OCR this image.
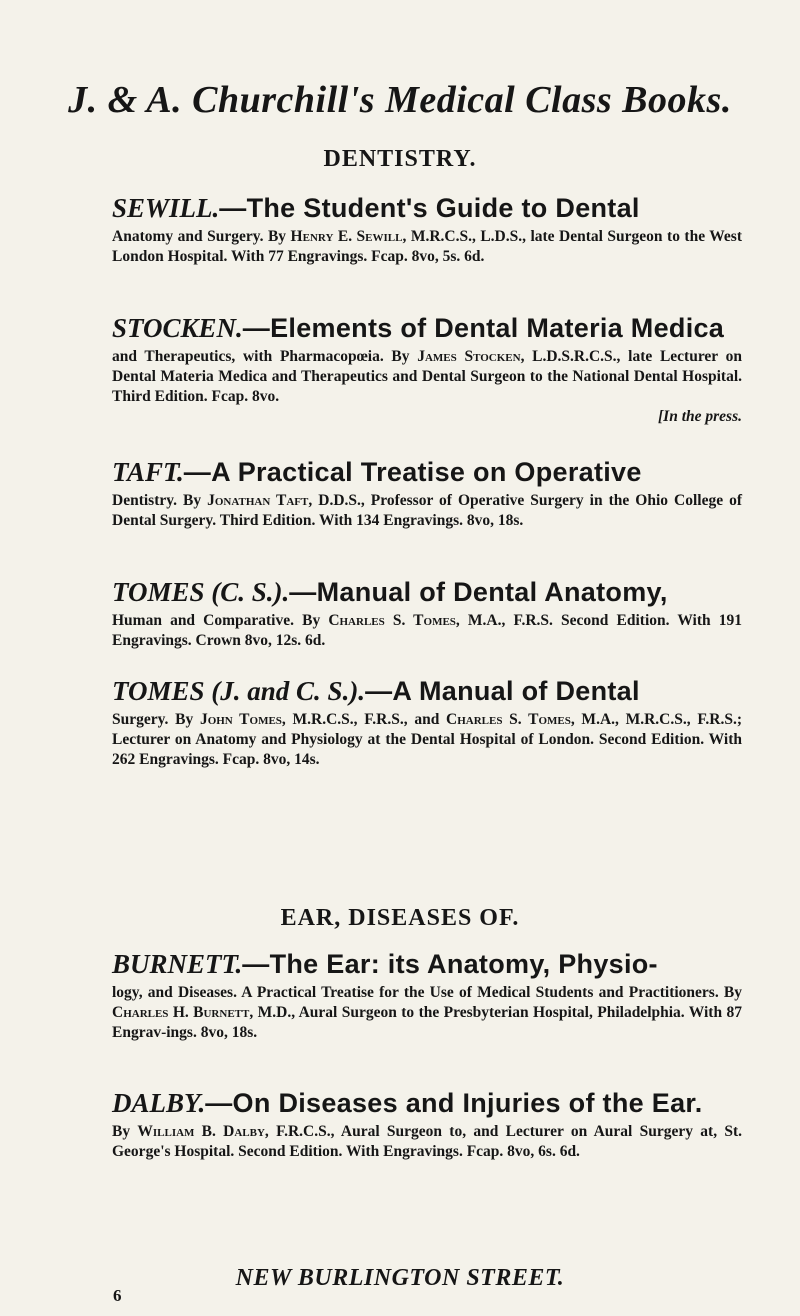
J. & A. Churchill's Medical Class Books.
DENTISTRY.
SEWILL.—The Student's Guide to Dental
Anatomy and Surgery. By Henry E. Sewill, M.R.C.S., L.D.S., late Dental Surgeon to the West London Hospital. With 77 Engravings. Fcap. 8vo, 5s. 6d.
STOCKEN.—Elements of Dental Materia Medica
and Therapeutics, with Pharmacopœia. By James Stocken, L.D.S.R.C.S., late Lecturer on Dental Materia Medica and Therapeutics and Dental Surgeon to the National Dental Hospital. Third Edition. Fcap. 8vo.
[In the press.
TAFT.—A Practical Treatise on Operative
Dentistry. By Jonathan Taft, D.D.S., Professor of Operative Surgery in the Ohio College of Dental Surgery. Third Edition. With 134 Engravings. 8vo, 18s.
TOMES (C. S.).—Manual of Dental Anatomy,
Human and Comparative. By Charles S. Tomes, M.A., F.R.S. Second Edition. With 191 Engravings. Crown 8vo, 12s. 6d.
TOMES (J. and C. S.).—A Manual of Dental
Surgery. By John Tomes, M.R.C.S., F.R.S., and Charles S. Tomes, M.A., M.R.C.S., F.R.S.; Lecturer on Anatomy and Physiology at the Dental Hospital of London. Second Edition. With 262 Engravings. Fcap. 8vo, 14s.
EAR, DISEASES OF.
BURNETT.—The Ear: its Anatomy, Physio-
logy, and Diseases. A Practical Treatise for the Use of Medical Students and Practitioners. By Charles H. Burnett, M.D., Aural Surgeon to the Presbyterian Hospital, Philadelphia. With 87 Engrav-ings. 8vo, 18s.
DALBY.—On Diseases and Injuries of the Ear.
By William B. Dalby, F.R.C.S., Aural Surgeon to, and Lecturer on Aural Surgery at, St. George's Hospital. Second Edition. With Engravings. Fcap. 8vo, 6s. 6d.
NEW BURLINGTON STREET.
6
